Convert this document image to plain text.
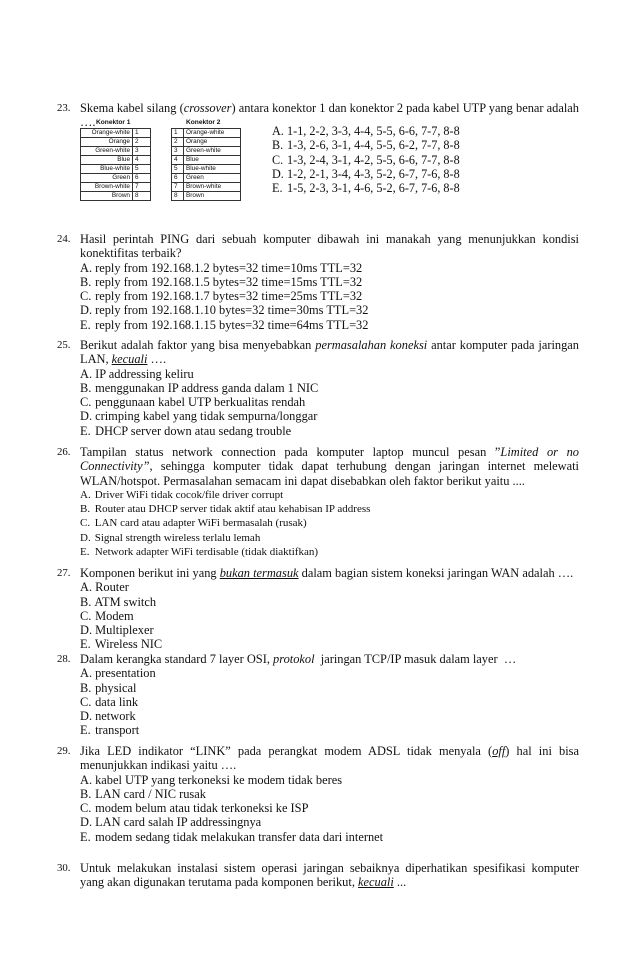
23. Skema kabel silang (crossover) antara konektor 1 dan konektor 2 pada kabel UTP yang benar adalah …. Konektor 1
Orange-white	1
Orange	2
Green-white	3
Blue	4
Blue-white	5
Green	6
Brown-white	7
Brown	8
Konektor 2
1	Orange-white
2	Orange
3	Green-white
4	Blue
5	Blue-white
6	Green
7	Brown-white
8	Brown
A. 1-1, 2-2, 3-3, 4-4, 5-5, 6-6, 7-7, 8-8
B. 1-3, 2-6, 3-1, 4-4, 5-5, 6-2, 7-7, 8-8
C. 1-3, 2-4, 3-1, 4-2, 5-5, 6-6, 7-7, 8-8
D. 1-2, 2-1, 3-4, 4-3, 5-2, 6-7, 7-6, 8-8
E. 1-5, 2-3, 3-1, 4-6, 5-2, 6-7, 7-6, 8-8
24. Hasil perintah PING dari sebuah komputer dibawah ini manakah yang menunjukkan kondisi konektifitas terbaik?
A. reply from 192.168.1.2 bytes=32 time=10ms TTL=32
B. reply from 192.168.1.5 bytes=32 time=15ms TTL=32
C. reply from 192.168.1.7 bytes=32 time=25ms TTL=32
D. reply from 192.168.1.10 bytes=32 time=30ms TTL=32
E. reply from 192.168.1.15 bytes=32 time=64ms TTL=32
25. Berikut adalah faktor yang bisa menyebabkan permasalahan koneksi antar komputer pada jaringan LAN, kecuali ….
A. IP addressing keliru
B. menggunakan IP address ganda dalam 1 NIC
C. penggunaan kabel UTP berkualitas rendah
D. crimping kabel yang tidak sempurna/longgar
E. DHCP server down atau sedang trouble
26. Tampilan status network connection pada komputer laptop muncul pesan ”Limited or no Connectivity”, sehingga komputer tidak dapat terhubung dengan jaringan internet melewati WLAN/hotspot. Permasalahan semacam ini dapat disebabkan oleh faktor berikut yaitu ....
A. Driver WiFi tidak cocok/file driver corrupt
B. Router atau DHCP server tidak aktif atau kehabisan IP address
C. LAN card atau adapter WiFi bermasalah (rusak)
D. Signal strength wireless terlalu lemah
E. Network adapter WiFi terdisable (tidak diaktifkan)
27. Komponen berikut ini yang bukan termasuk dalam bagian sistem koneksi jaringan WAN adalah ….
A. Router
B. ATM switch
C. Modem
D. Multiplexer
E. Wireless NIC
28. Dalam kerangka standard 7 layer OSI, protokol  jaringan TCP/IP masuk dalam layer  …
A. presentation
B. physical
C. data link
D. network
E. transport
29. Jika LED indikator “LINK” pada perangkat modem ADSL tidak menyala (off) hal ini bisa menunjukkan indikasi yaitu ….
A. kabel UTP yang terkoneksi ke modem tidak beres
B. LAN card / NIC rusak
C. modem belum atau tidak terkoneksi ke ISP
D. LAN card salah IP addressingnya
E. modem sedang tidak melakukan transfer data dari internet
30. Untuk melakukan instalasi sistem operasi jaringan sebaiknya diperhatikan spesifikasi komputer yang akan digunakan terutama pada komponen berikut, kecuali ...
